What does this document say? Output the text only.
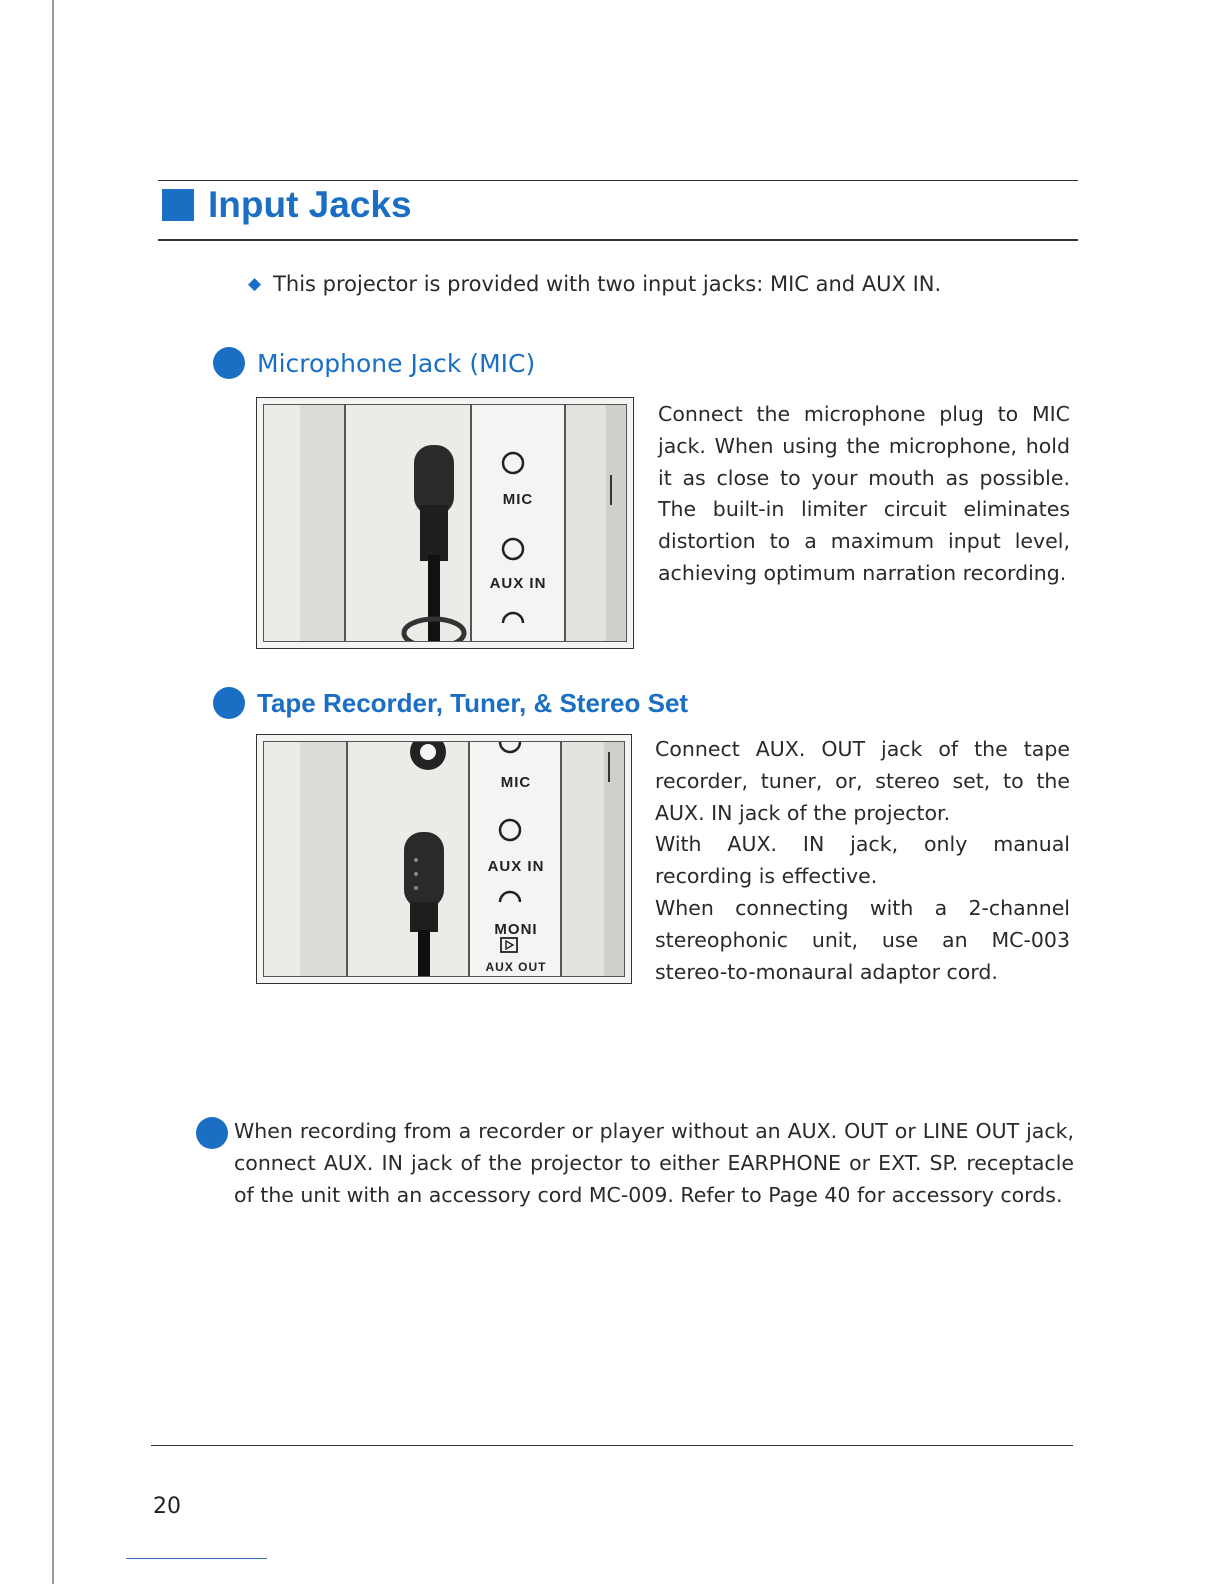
Input Jacks
◆ This projector is provided with two input jacks: MIC and AUX IN.
Microphone Jack (MIC)
MIC
AUX IN

Connect the microphone plug to MIC jack. When using the microphone, hold it as close to your mouth as possible. The built-in limiter circuit eliminates distortion to a maximum input level, achieving optimum narration recording.

Tape Recorder, Tuner, & Stereo Set
MIC
AUX IN
MONI
AUX OUT

Connect AUX. OUT jack of the tape recorder, tuner, or, stereo set, to the AUX. IN jack of the projector.

With AUX. IN jack, only manual recording is effective.

When connecting with a 2-channel stereophonic unit, use an MC-003 stereo-to-monaural adaptor cord.

When recording from a recorder or player without an AUX. OUT or LINE OUT jack, connect AUX. IN jack of the projector to either EARPHONE or EXT. SP. receptacle of the unit with an accessory cord MC-009. Refer to Page 40 for accessory cords.

20
